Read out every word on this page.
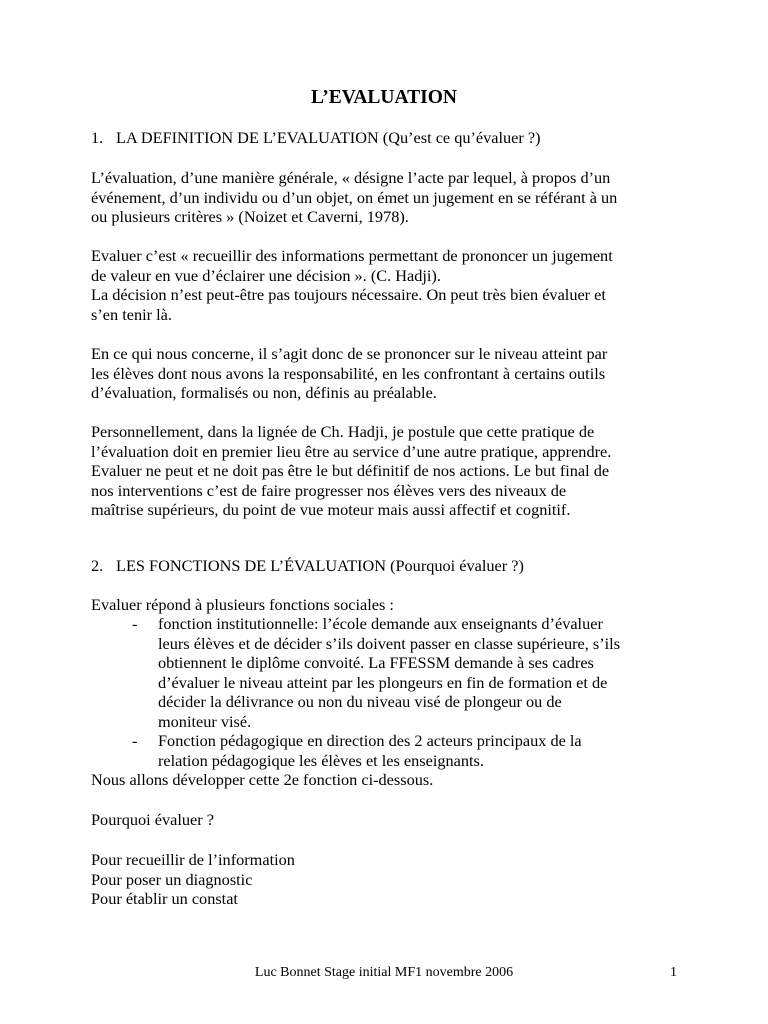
L’EVALUATION
1. LA DEFINITION DE L’EVALUATION (Qu’est ce qu’évaluer ?)
L’évaluation, d’une manière générale, « désigne l’acte par lequel, à propos d’un
événement, d’un individu ou d’un objet, on émet un jugement en se référant à un
ou plusieurs critères » (Noizet et Caverni, 1978).
Evaluer c’est « recueillir des informations permettant de prononcer un jugement
de valeur en vue d’éclairer une décision ». (C. Hadji).
La décision n’est peut-être pas toujours nécessaire. On peut très bien évaluer et
s’en tenir là.
En ce qui nous concerne, il s’agit donc de se prononcer sur le niveau atteint par
les élèves dont nous avons la responsabilité, en les confrontant à certains outils
d’évaluation, formalisés ou non, définis au préalable.
Personnellement, dans la lignée de Ch. Hadji, je postule que cette pratique de
l’évaluation doit en premier lieu être au service d’une autre pratique, apprendre.
Evaluer ne peut et ne doit pas être le but définitif de nos actions. Le but final de
nos interventions c’est de faire progresser nos élèves vers des niveaux de
maîtrise supérieurs, du point de vue moteur mais aussi affectif et cognitif.
2. LES FONCTIONS DE L’ÉVALUATION (Pourquoi évaluer ?)
Evaluer répond à plusieurs fonctions sociales :
- fonction institutionnelle: l’école demande aux enseignants d’évaluer
leurs élèves et de décider s’ils doivent passer en classe supérieure, s’ils
obtiennent le diplôme convoité. La FFESSM demande à ses cadres
d’évaluer le niveau atteint par les plongeurs en fin de formation et de
décider la délivrance ou non du niveau visé de plongeur ou de
moniteur visé.
- Fonction pédagogique en direction des 2 acteurs principaux de la
relation pédagogique les élèves et les enseignants.
Nous allons développer cette 2e fonction ci-dessous.
Pourquoi évaluer ?
Pour recueillir de l’information
Pour poser un diagnostic
Pour établir un constat
Luc Bonnet Stage initial MF1 novembre 2006	1
